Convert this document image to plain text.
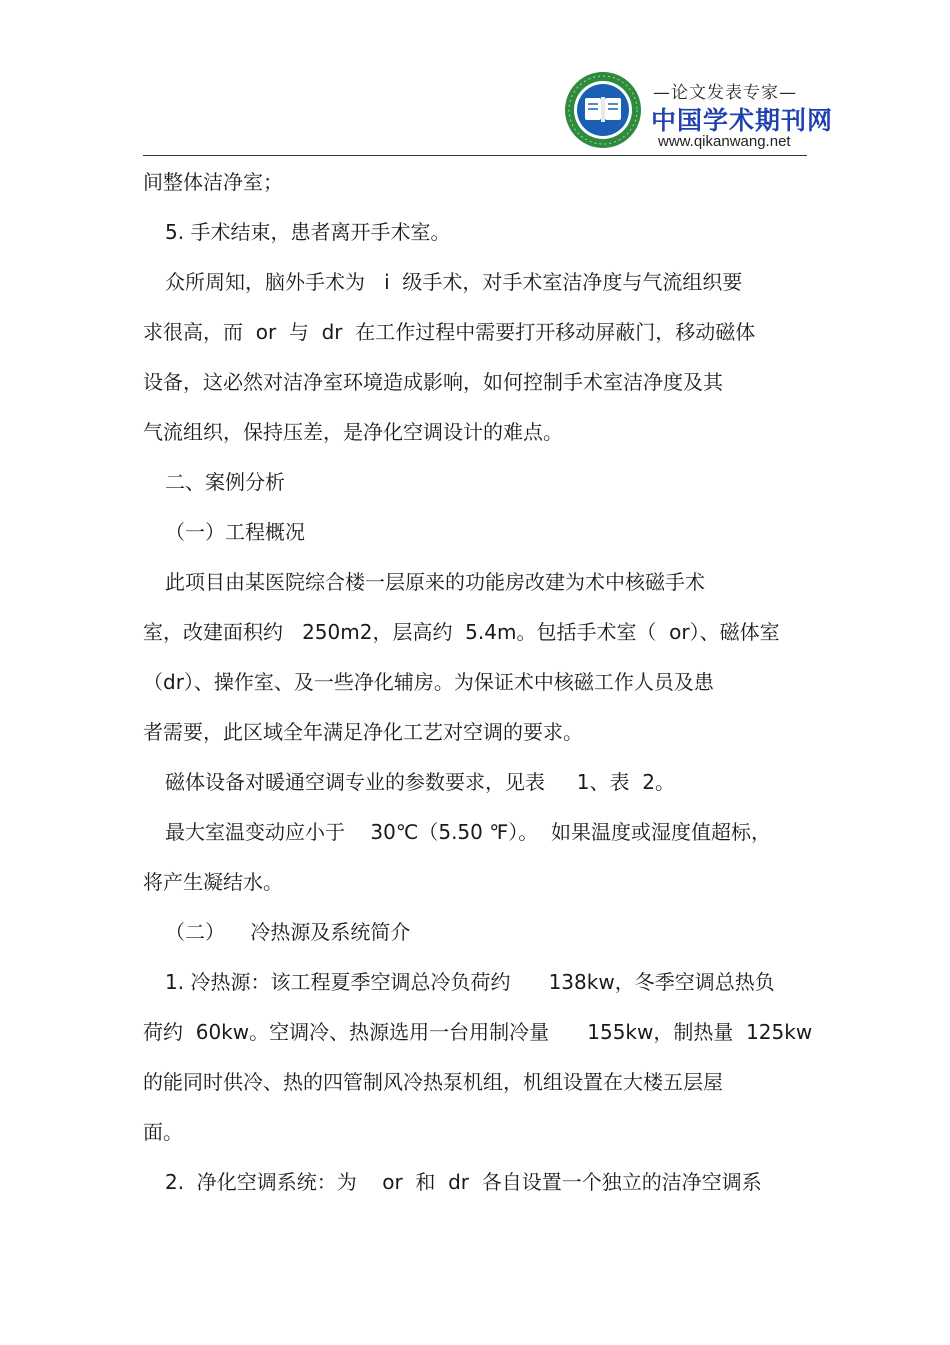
—论文发表专家—
中国学术期刊网
www.qikanwang.net
间整体洁净室；
5. 手术结束，患者离开手术室。
众所周知，脑外手术为   i  级手术，对手术室洁净度与气流组织要
求很高，而  or  与  dr  在工作过程中需要打开移动屏蔽门，移动磁体
设备，这必然对洁净室环境造成影响，如何控制手术室洁净度及其
气流组织，保持压差，是净化空调设计的难点。
二、案例分析
（一）工程概况
此项目由某医院综合楼一层原来的功能房改建为术中核磁手术
室，改建面积约   250m2，层高约  5.4m。包括手术室（  or）、磁体室
（dr）、操作室、及一些净化辅房。为保证术中核磁工作人员及患
者需要，此区域全年满足净化工艺对空调的要求。
磁体设备对暖通空调专业的参数要求，见表     1、表  2。
最大室温变动应小于    30℃（5.50 ℉）。  如果温度或湿度值超标，
将产生凝结水。
（二）    冷热源及系统简介
1. 冷热源：该工程夏季空调总冷负荷约      138kw，冬季空调总热负
荷约  60kw。空调冷、热源选用一台用制冷量      155kw，制热量  125kw
的能同时供冷、热的四管制风冷热泵机组，机组设置在大楼五层屋
面。
2.  净化空调系统：为    or  和  dr  各自设置一个独立的洁净空调系
